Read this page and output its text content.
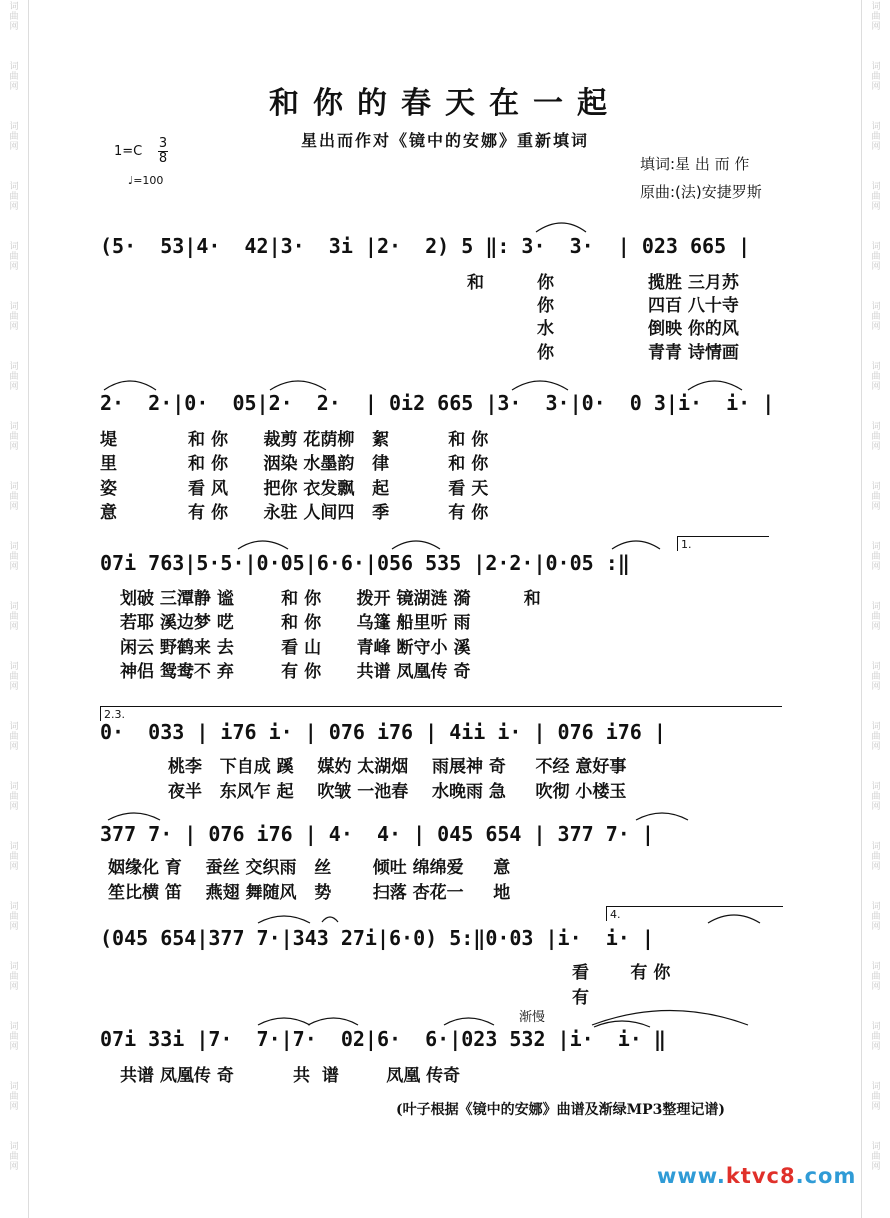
词
曲
网
词
曲
网
词
曲
网
词
曲
网
词
曲
网
词
曲
网
词
曲
网
词
曲
网
词
曲
网
词
曲
网
词
曲
网
词
曲
网
词
曲
网
词
曲
网
词
曲
网
词
曲
网
词
曲
网
词
曲
网
词
曲
网
词
曲
网
词
曲
网
词
曲
网
词
曲
网
词
曲
网
词
曲
网
词
曲
网
词
曲
网
词
曲
网
词
曲
网
词
曲
网
词
曲
网
词
曲
网
词
曲
网
词
曲
网
词
曲
网
词
曲
网
词
曲
网
词
曲
网
词
曲
网
词
曲
网
和你的春天在一起
星出而作对《镜中的安娜》重新填词
1=C
3
8
♩=100
填词:星 出 而 作
原曲:(法)安捷罗斯
(5·  53|4·  42|3·  3i |2·  2) 5 ‖: 3·  3·  | 023 665 |
2·  2·|0·  05|2·  2·  | 0i2 665 |3·  3·|0·  0 3|i·  i· |
07i 763|5·5·|0·05|6·6·|056 535 |2·2·|0·05 :‖
0·  033 | i76 i· | 076 i76 | 4ii i· | 076 i76 |
377 7· | 076 i76 | 4·  4· | 045 654 | 377 7· |
(045 654|377 7·|343 27i|6·0) 5:‖0·03 |i·  i· |
07i 33i |7·  7·|7·  02|6·  6·|023 532 |i·  i· ‖
和	你	揽胜 三月苏
你	四百 八十寺
水	倒映 你的风
你	青青 诗情画
堤            和 你      裁剪 花荫柳   絮          和 你
里            和 你      洇染 水墨韵   律          和 你
姿            看 风      把你 衣发飘   起          看 天
意            有 你      永驻 人间四   季          有 你
划破 三潭静 谧        和 你      拨开 镜湖涟 漪         和
若耶 溪边梦 呓        和 你      乌篷 船里听 雨
闲云 野鹤来 去        看 山      青峰 断守小 溪
神侣 鸳鸯不 弃        有 你      共谱 凤凰传 奇
桃李   下自成 蹊    媒妁 太湖烟    雨展神 奇     不经 意好事
夜半   东风乍 起    吹皱 一池春    水晚雨 急     吹彻 小楼玉
姻缘化 育    蚕丝 交织雨   丝       倾吐 绵绵爱     意
笙比横 笛    燕翅 舞随风   势       扫落 杏花一     地
看       有 你
有
共谱 凤凰传 奇          共  谱        凤凰 传奇
1.
2.3.
4.
渐慢
(叶子根据《镜中的安娜》曲谱及渐绿MP3整理记谱)
www.ktvc8.com
